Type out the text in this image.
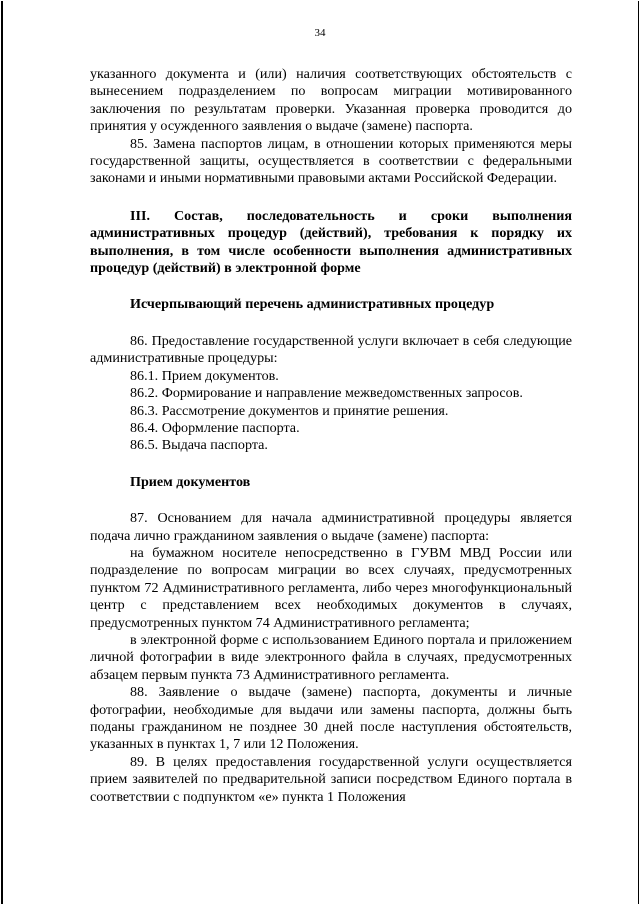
34

указанного документа и (или) наличия соответствующих обстоятельств с вынесением подразделением по вопросам миграции мотивированного заключения по результатам проверки. Указанная проверка проводится до принятия у осужденного заявления о выдаче (замене) паспорта.

85. Замена паспортов лицам, в отношении которых применяются меры государственной защиты, осуществляется в соответствии с федеральными законами и иными нормативными правовыми актами Российской Федерации.

III. Состав, последовательность и сроки выполнения административных процедур (действий), требования к порядку их выполнения, в том числе особенности выполнения административных процедур (действий) в электронной форме

Исчерпывающий перечень административных процедур

86. Предоставление государственной услуги включает в себя следующие административные процедуры:

86.1. Прием документов.

86.2. Формирование и направление межведомственных запросов.

86.3. Рассмотрение документов и принятие решения.

86.4. Оформление паспорта.

86.5. Выдача паспорта.

Прием документов

87. Основанием для начала административной процедуры является подача лично гражданином заявления о выдаче (замене) паспорта:

на бумажном носителе непосредственно в ГУВМ МВД России или подразделение по вопросам миграции во всех случаях, предусмотренных пунктом 72 Административного регламента, либо через многофункциональный центр с представлением всех необходимых документов в случаях, предусмотренных пунктом 74 Административного регламента;

в электронной форме с использованием Единого портала и приложением личной фотографии в виде электронного файла в случаях, предусмотренных абзацем первым пункта 73 Административного регламента.

88. Заявление о выдаче (замене) паспорта, документы и личные фотографии, необходимые для выдачи или замены паспорта, должны быть поданы гражданином не позднее 30 дней после наступления обстоятельств, указанных в пунктах 1, 7 или 12 Положения.

89. В целях предоставления государственной услуги осуществляется прием заявителей по предварительной записи посредством Единого портала в соответствии с подпунктом «е» пункта 1 Положения
